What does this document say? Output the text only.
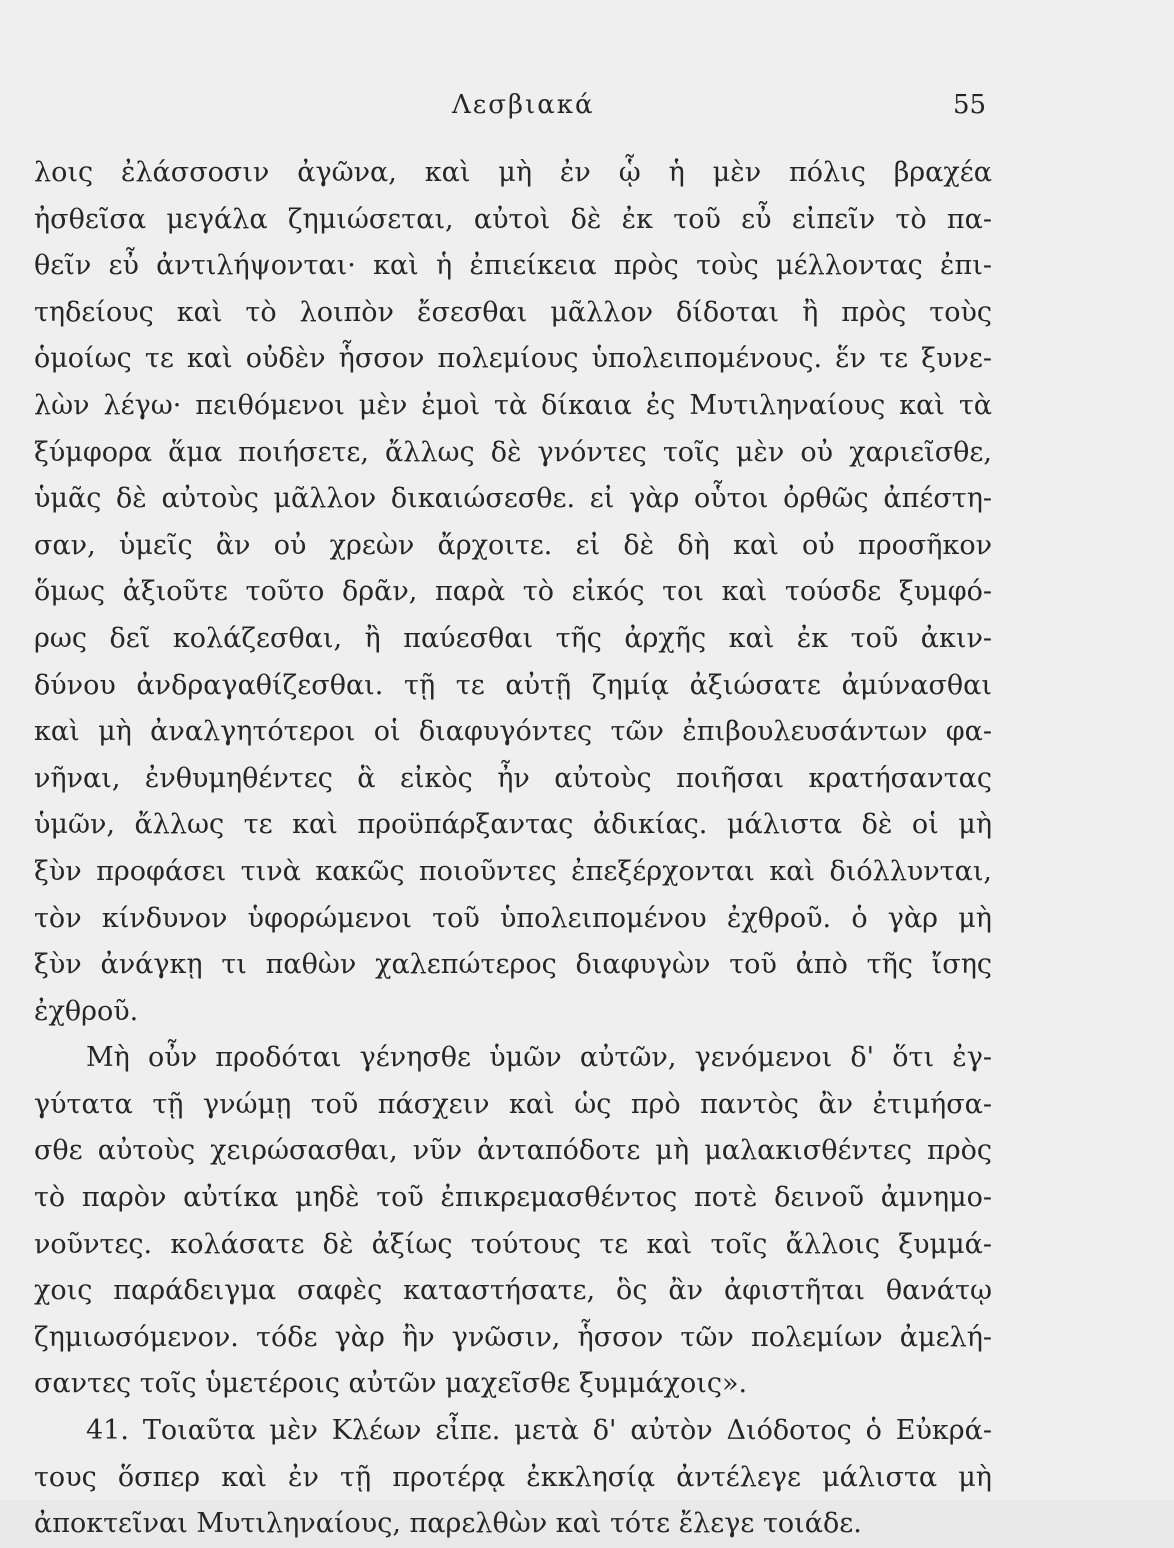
Λεσβιακά	55
λοις ἐλάσσοσιν ἀγῶνα, καὶ μὴ ἐν ᾧ ἡ μὲν πόλις βραχέα
ἠσθεῖσα μεγάλα ζημιώσεται, αὐτοὶ δὲ ἐκ τοῦ εὖ εἰπεῖν τὸ πα-
θεῖν εὖ ἀντιλήψονται· καὶ ἡ ἐπιείκεια πρὸς τοὺς μέλλοντας ἐπι-
τηδείους καὶ τὸ λοιπὸν ἔσεσθαι μᾶλλον δίδοται ἢ πρὸς τοὺς
ὁμοίως τε καὶ οὐδὲν ἧσσον πολεμίους ὑπολειπομένους. ἕν τε ξυνε-
λὼν λέγω· πειθόμενοι μὲν ἐμοὶ τὰ δίκαια ἐς Μυτιληναίους καὶ τὰ
ξύμφορα ἅμα ποιήσετε, ἄλλως δὲ γνόντες τοῖς μὲν οὐ χαριεῖσθε,
ὑμᾶς δὲ αὐτοὺς μᾶλλον δικαιώσεσθε. εἰ γὰρ οὗτοι ὀρθῶς ἀπέστη-
σαν, ὑμεῖς ἂν οὐ χρεὼν ἄρχοιτε. εἰ δὲ δὴ καὶ οὐ προσῆκον
ὅμως ἀξιοῦτε τοῦτο δρᾶν, παρὰ τὸ εἰκός τοι καὶ τούσδε ξυμφό-
ρως δεῖ κολάζεσθαι, ἢ παύεσθαι τῆς ἀρχῆς καὶ ἐκ τοῦ ἀκιν-
δύνου ἀνδραγαθίζεσθαι. τῇ τε αὐτῇ ζημίᾳ ἀξιώσατε ἀμύνασθαι
καὶ μὴ ἀναλγητότεροι οἱ διαφυγόντες τῶν ἐπιβουλευσάντων φα-
νῆναι, ἐνθυμηθέντες ἃ εἰκὸς ἦν αὐτοὺς ποιῆσαι κρατήσαντας
ὑμῶν, ἄλλως τε καὶ προϋπάρξαντας ἀδικίας. μάλιστα δὲ οἱ μὴ
ξὺν προφάσει τινὰ κακῶς ποιοῦντες ἐπεξέρχονται καὶ διόλλυνται,
τὸν κίνδυνον ὑφορώμενοι τοῦ ὑπολειπομένου ἐχθροῦ. ὁ γὰρ μὴ
ξὺν ἀνάγκῃ τι παθὼν χαλεπώτερος διαφυγὼν τοῦ ἀπὸ τῆς ἴσης
ἐχθροῦ.
Μὴ οὖν προδόται γένησθε ὑμῶν αὐτῶν, γενόμενοι δ' ὅτι ἐγ-
γύτατα τῇ γνώμῃ τοῦ πάσχειν καὶ ὡς πρὸ παντὸς ἂν ἐτιμήσα-
σθε αὐτοὺς χειρώσασθαι, νῦν ἀνταπόδοτε μὴ μαλακισθέντες πρὸς
τὸ παρὸν αὐτίκα μηδὲ τοῦ ἐπικρεμασθέντος ποτὲ δεινοῦ ἀμνημο-
νοῦντες. κολάσατε δὲ ἀξίως τούτους τε καὶ τοῖς ἄλλοις ξυμμά-
χοις παράδειγμα σαφὲς καταστήσατε, ὃς ἂν ἀφιστῆται θανάτῳ
ζημιωσόμενον. τόδε γὰρ ἢν γνῶσιν, ἧσσον τῶν πολεμίων ἀμελή-
σαντες τοῖς ὑμετέροις αὐτῶν μαχεῖσθε ξυμμάχοις».
41. Τοιαῦτα μὲν Κλέων εἶπε. μετὰ δ' αὐτὸν Διόδοτος ὁ Εὐκρά-
τους ὅσπερ καὶ ἐν τῇ προτέρᾳ ἐκκλησίᾳ ἀντέλεγε μάλιστα μὴ
ἀποκτεῖναι Μυτιληναίους, παρελθὼν καὶ τότε ἔλεγε τοιάδε.
